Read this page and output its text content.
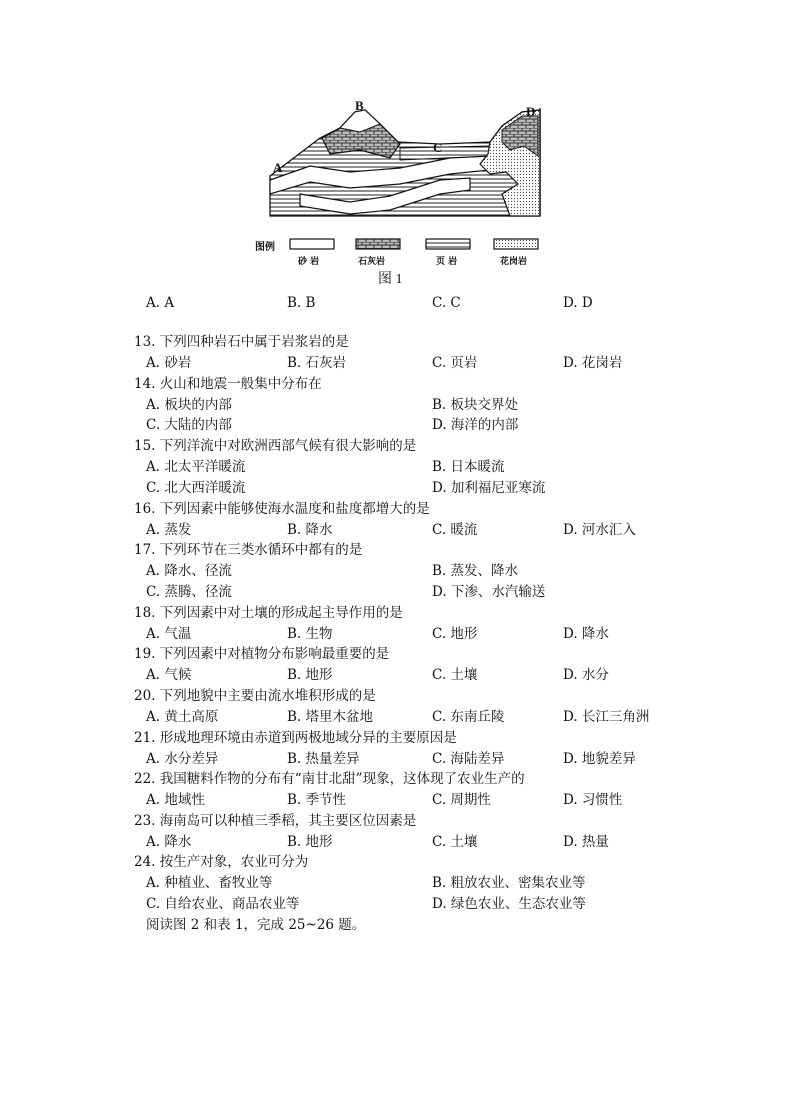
B
A
C
D
图例
砂 岩	石灰岩	页 岩	花岗岩
图 1
A. A	B. B	C. C	D. D
13. 下列四种岩石中属于岩浆岩的是
A. 砂岩	B. 石灰岩	C. 页岩	D. 花岗岩
14. 火山和地震一般集中分布在
A. 板块的内部	B. 板块交界处
C. 大陆的内部	D. 海洋的内部
15. 下列洋流中对欧洲西部气候有很大影响的是
A. 北太平洋暖流	B. 日本暖流
C. 北大西洋暖流	D. 加利福尼亚寒流
16. 下列因素中能够使海水温度和盐度都增大的是
A. 蒸发	B. 降水	C. 暖流	D. 河水汇入
17. 下列环节在三类水循环中都有的是
A. 降水、径流	B. 蒸发、降水
C. 蒸腾、径流	D. 下渗、水汽输送
18. 下列因素中对土壤的形成起主导作用的是
A. 气温	B. 生物	C. 地形	D. 降水
19. 下列因素中对植物分布影响最重要的是
A. 气候	B. 地形	C. 土壤	D. 水分
20. 下列地貌中主要由流水堆积形成的是
A. 黄土高原	B. 塔里木盆地	C. 东南丘陵	D. 长江三角洲
21. 形成地理环境由赤道到两极地域分异的主要原因是
A. 水分差异	B. 热量差异	C. 海陆差异	D. 地貌差异
22. 我国糖料作物的分布有“南甘北甜”现象，这体现了农业生产的
A. 地域性	B. 季节性	C. 周期性	D. 习惯性
23. 海南岛可以种植三季稻，其主要区位因素是
A. 降水	B. 地形	C. 土壤	D. 热量
24. 按生产对象，农业可分为
A. 种植业、畜牧业等	B. 粗放农业、密集农业等
C. 自给农业、商品农业等	D. 绿色农业、生态农业等
阅读图 2 和表 1，完成 25~26 题。
